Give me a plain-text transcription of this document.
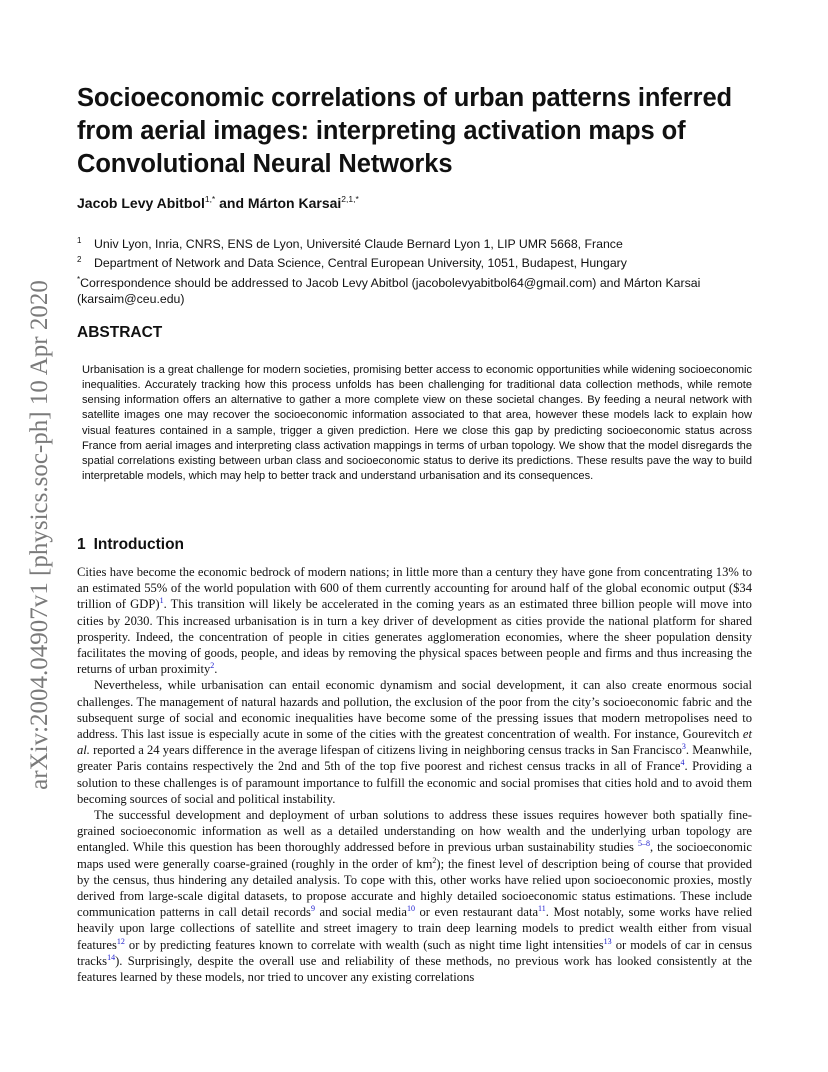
arXiv:2004.04907v1 [physics.soc-ph] 10 Apr 2020
Socioeconomic correlations of urban patterns inferred from aerial images: interpreting activation maps of Convolutional Neural Networks
Jacob Levy Abitbol$^{1,*}$ and Márton Karsai$^{2,1,*}$
1 Univ Lyon, Inria, CNRS, ENS de Lyon, Université Claude Bernard Lyon 1, LIP UMR 5668, France
2 Department of Network and Data Science, Central European University, 1051, Budapest, Hungary
*Correspondence should be addressed to Jacob Levy Abitbol (jacobolevyabitbol64@gmail.com) and Márton Karsai (karsaim@ceu.edu)
ABSTRACT

Urbanisation is a great challenge for modern societies, promising better access to economic opportunities while widening socioeconomic inequalities. Accurately tracking how this process unfolds has been challenging for traditional data collection methods, while remote sensing information offers an alternative to gather a more complete view on these societal changes. By feeding a neural network with satellite images one may recover the socioeconomic information associated to that area, however these models lack to explain how visual features contained in a sample, trigger a given prediction. Here we close this gap by predicting socioeconomic status across France from aerial images and interpreting class activation mappings in terms of urban topology. We show that the model disregards the spatial correlations existing between urban class and socioeconomic status to derive its predictions. These results pave the way to build interpretable models, which may help to better track and understand urbanisation and its consequences.

1 Introduction

Cities have become the economic bedrock of modern nations; in little more than a century they have gone from concentrating 13% to an estimated 55% of the world population with 600 of them currently accounting for around half of the global economic output ($34 trillion of GDP)$^1$. This transition will likely be accelerated in the coming years as an estimated three billion people will move into cities by 2030. This increased urbanisation is in turn a key driver of development as cities provide the national platform for shared prosperity. Indeed, the concentration of people in cities generates agglomeration economies, where the sheer population density facilitates the moving of goods, people, and ideas by removing the physical spaces between people and firms and thus increasing the returns of urban proximity$^2$.

Nevertheless, while urbanisation can entail economic dynamism and social development, it can also create enormous social challenges. The management of natural hazards and pollution, the exclusion of the poor from the city’s socioeconomic fabric and the subsequent surge of social and economic inequalities have become some of the pressing issues that modern metropolises need to address. This last issue is especially acute in some of the cities with the greatest concentration of wealth. For instance, Gourevitch et al. reported a 24 years difference in the average lifespan of citizens living in neighboring census tracks in San Francisco$^3$. Meanwhile, greater Paris contains respectively the 2nd and 5th of the top five poorest and richest census tracks in all of France$^4$. Providing a solution to these challenges is of paramount importance to fulfill the economic and social promises that cities hold and to avoid them becoming sources of social and political instability.

The successful development and deployment of urban solutions to address these issues requires however both spatially fine-grained socioeconomic information as well as a detailed understanding on how wealth and the underlying urban topology are entangled. While this question has been thoroughly addressed before in previous urban sustainability studies $^{5-8}$, the socioeconomic maps used were generally coarse-grained (roughly in the order of $km^2$); the finest level of description being of course that provided by the census, thus hindering any detailed analysis. To cope with this, other works have relied upon socioeconomic proxies, mostly derived from large-scale digital datasets, to propose accurate and highly detailed socioeconomic status estimations. These include communication patterns in call detail records$^9$ and social media$^{10}$ or even restaurant data$^{11}$. Most notably, some works have relied heavily upon large collections of satellite and street imagery to train deep learning models to predict wealth either from visual features$^{12}$ or by predicting features known to correlate with wealth (such as night time light intensities$^{13}$ or models of car in census tracks$^{14}$). Surprisingly, despite the overall use and reliability of these methods, no previous work has looked consistently at the features learned by these models, nor tried to uncover any existing correlations
